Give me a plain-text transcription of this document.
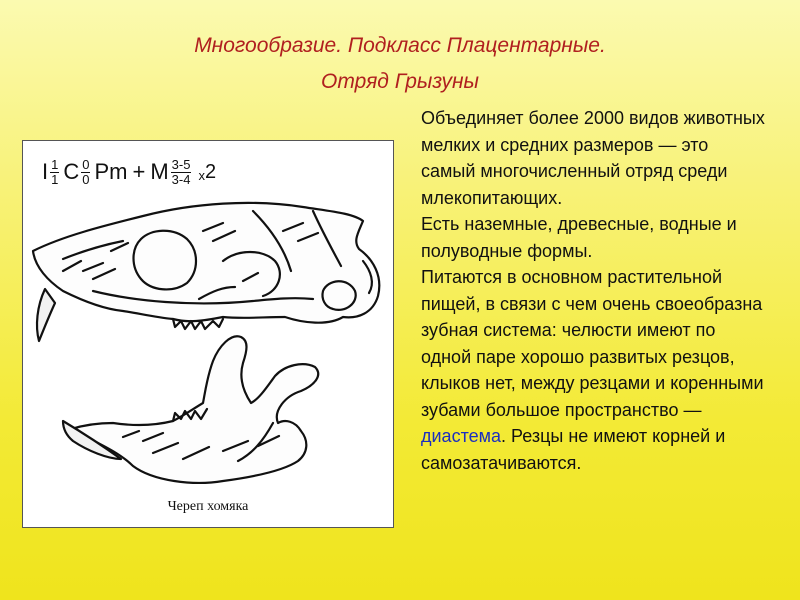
Многообразие. Подкласс Плацентарные.
Отряд Грызуны
I $\frac{1}{1}$ C $\frac{0}{0}$ Pm + M $\frac{3-5}{3-4}$ x 2
Череп хомяка

Объединяет более 2000 видов животных мелких и средних размеров — это самый многочисленный отряд среди млекопитающих.

Есть наземные, древесные, водные и полуводные формы.

Питаются в основном растительной пищей, в связи с чем очень своеобразна зубная система: челюсти имеют по одной паре хорошо развитых резцов, клыков нет, между резцами и коренными зубами большое пространство — диастема. Резцы не имеют корней и самозатачиваются.
